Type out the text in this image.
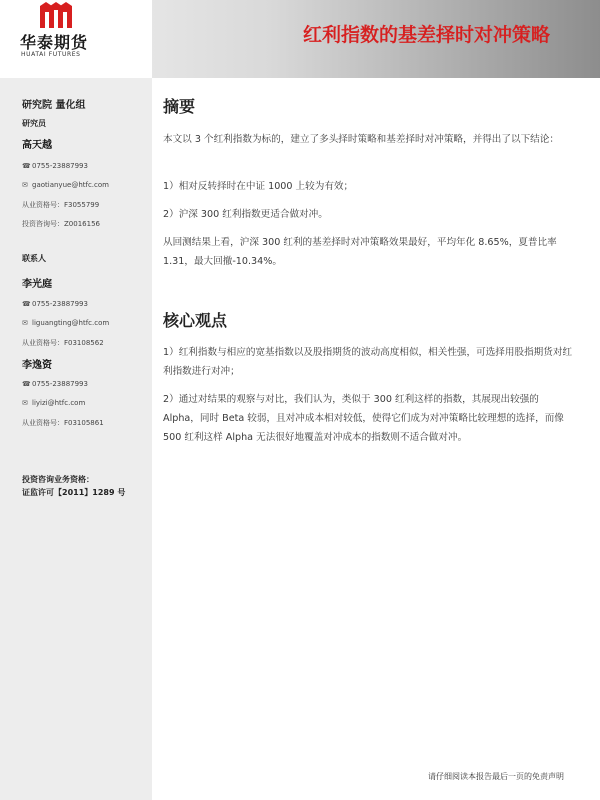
华泰期货
HUATAI FUTURES
红利指数的基差择时对冲策略
研究院 量化组
研究员
高天越
☎0755-23887993
✉ gaotianyue@htfc.com
从业资格号：F3055799
投资咨询号：Z0016156
联系人
李光庭
☎0755-23887993
✉ liguangting@htfc.com
从业资格号：F03108562
李逸资
☎0755-23887993
✉ liyizi@htfc.com
从业资格号：F03105861
投资咨询业务资格：
证监许可【2011】1289 号
摘要
本文以 3 个红利指数为标的，建立了多头择时策略和基差择时对冲策略，并得出了以下结论：
1）相对反转择时在中证 1000 上较为有效；
2）沪深 300 红利指数更适合做对冲。
从回测结果上看，沪深 300 红利的基差择时对冲策略效果最好，平均年化 8.65%，夏普比率 1.31，最大回撤-10.34%。
核心观点
1）红利指数与相应的宽基指数以及股指期货的波动高度相似，相关性强，可选择用股指期货对红利指数进行对冲；
2）通过对结果的观察与对比，我们认为，类似于 300 红利这样的指数，其展现出较强的 Alpha，同时 Beta 较弱，且对冲成本相对较低，使得它们成为对冲策略比较理想的选择，而像 500 红利这样 Alpha 无法很好地覆盖对冲成本的指数则不适合做对冲。
请仔细阅读本报告最后一页的免责声明
